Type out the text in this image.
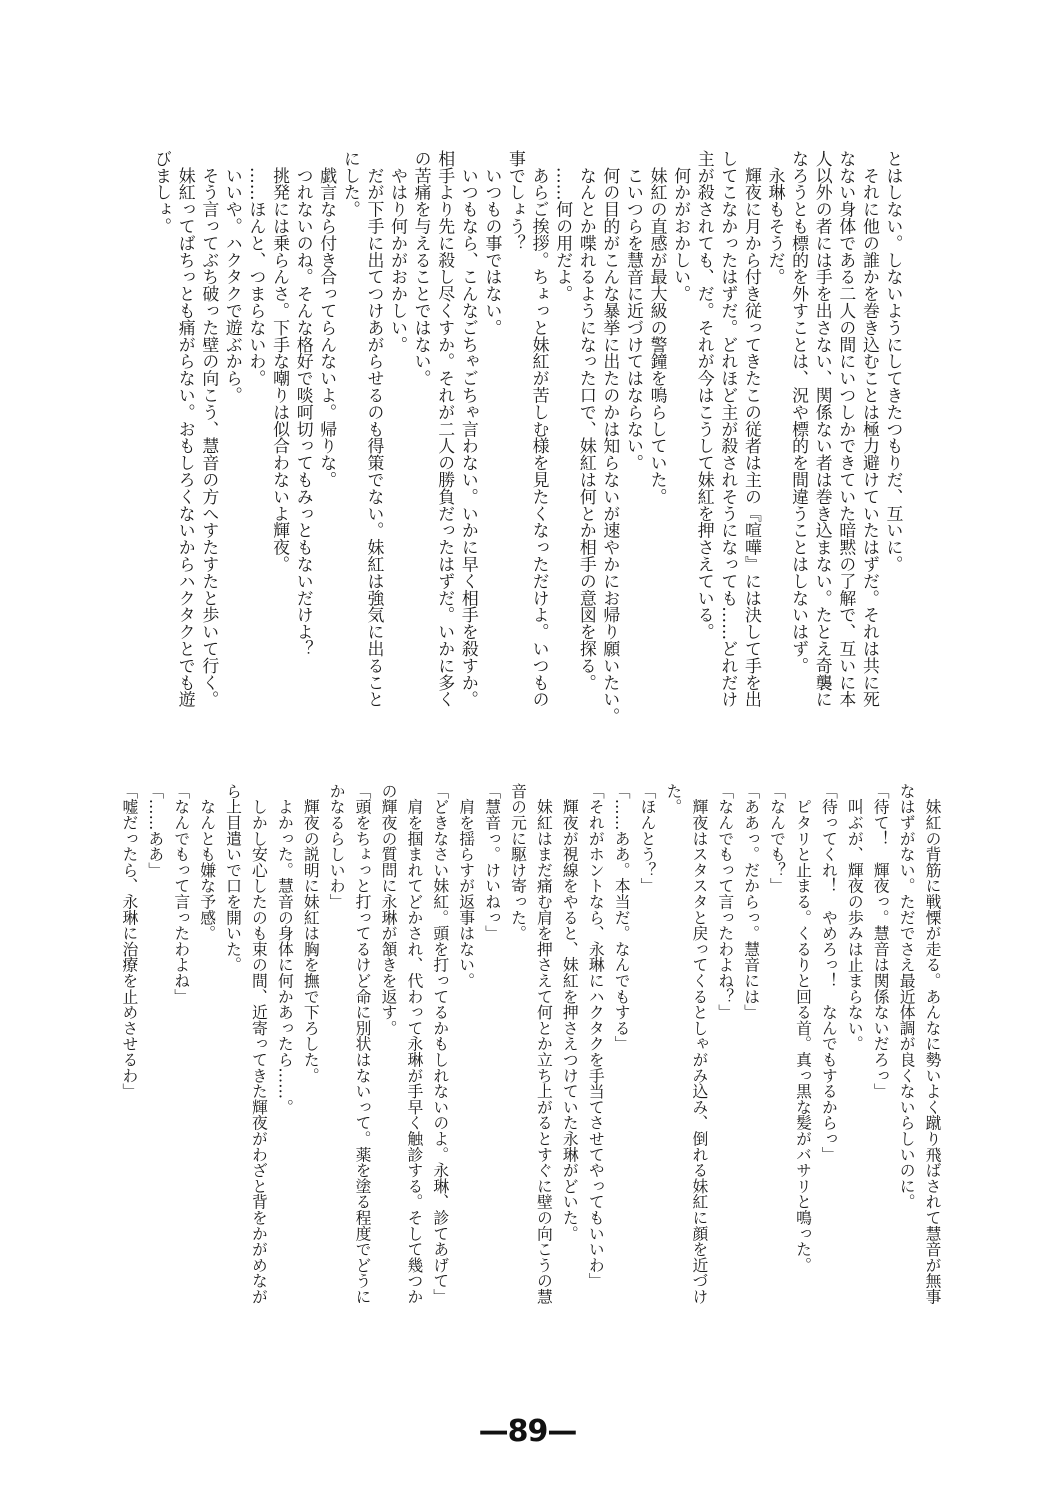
とはしない。しないようにしてきたつもりだ、互いに。
　それに他の誰かを巻き込むことは極力避けていたはずだ。それは共に死
なない身体である二人の間にいつしかできていた暗黙の了解で、互いに本
人以外の者には手を出さない、関係ない者は巻き込まない。たとえ奇襲に
なろうとも標的を外すことは、況や標的を間違うことはしないはず。
　永琳もそうだ。
　輝夜に月から付き従ってきたこの従者は主の『喧嘩』には決して手を出
してこなかったはずだ。どれほど主が殺されそうになっても……どれだけ
主が殺されても、だ。それが今はこうして妹紅を押さえている。
　何かがおかしい。
　妹紅の直感が最大級の警鐘を鳴らしていた。
　こいつらを慧音に近づけてはならない。
　何の目的がこんな暴挙に出たのかは知らないが速やかにお帰り願いたい。
　なんとか喋れるようになった口で、妹紅は何とか相手の意図を探る。
　……何の用だよ。
　あらご挨拶。ちょっと妹紅が苦しむ様を見たくなっただけよ。いつもの
事でしょう？
　いつもの事ではない。
　いつもなら、こんなごちゃごちゃ言わない。いかに早く相手を殺すか。
相手より先に殺し尽くすか。それが二人の勝負だったはずだ。いかに多く
の苦痛を与えることではない。
　やはり何かがおかしい。
　だが下手に出てつけあがらせるのも得策でない。妹紅は強気に出ること
にした。
　戯言なら付き合ってらんないよ。帰りな。
　つれないのね。そんな格好で啖呵切ってもみっともないだけよ？
　挑発には乗らんさ。下手な嘲りは似合わないよ輝夜。
　……ほんと、つまらないわ。
　いいや。ハクタクで遊ぶから。
　そう言ってぶち破った壁の向こう、慧音の方へすたすたと歩いて行く。
　妹紅ってばちっとも痛がらない。おもしろくないからハクタクとでも遊
びましょ。
　妹紅の背筋に戦慄が走る。あんなに勢いよく蹴り飛ばされて慧音が無事
なはずがない。ただでさえ最近体調が良くないらしいのに。
「待て！　輝夜っ。慧音は関係ないだろっ」
　叫ぶが、輝夜の歩みは止まらない。
「待ってくれ！　やめろっ！　なんでもするからっ」
　ピタリと止まる。くるりと回る首。真っ黒な髪がバサリと鳴った。
「なんでも？」
「ああっ。だからっ。慧音には」
「なんでもって言ったわよね？」
　輝夜はスタスタと戻ってくるとしゃがみ込み、倒れる妹紅に顔を近づけ
た。
「ほんとう？」
「……ああ。本当だ。なんでもする」
「それがホントなら、永琳にハクタクを手当てさせてやってもいいわ」
　輝夜が視線をやると、妹紅を押さえつけていた永琳がどいた。
　妹紅はまだ痛む肩を押さえて何とか立ち上がるとすぐに壁の向こうの慧
音の元に駆け寄った。
「慧音っ。けいねっ」
　肩を揺らすが返事はない。
「どきなさい妹紅。頭を打ってるかもしれないのよ。永琳、診てあげて」
　肩を掴まれてどかされ、代わって永琳が手早く触診する。そして幾つか
の輝夜の質問に永琳が頷きを返す。
「頭をちょっと打ってるけど命に別状はないって。薬を塗る程度でどうに
かなるらしいわ」
　輝夜の説明に妹紅は胸を撫で下ろした。
　よかった。慧音の身体に何かあったら……。
　しかし安心したのも束の間、近寄ってきた輝夜がわざと背をかがめなが
ら上目遣いで口を開いた。
　なんとも嫌な予感。
「なんでもって言ったわよね」
「……ああ」
「嘘だったら、永琳に治療を止めさせるわ」
—89—
